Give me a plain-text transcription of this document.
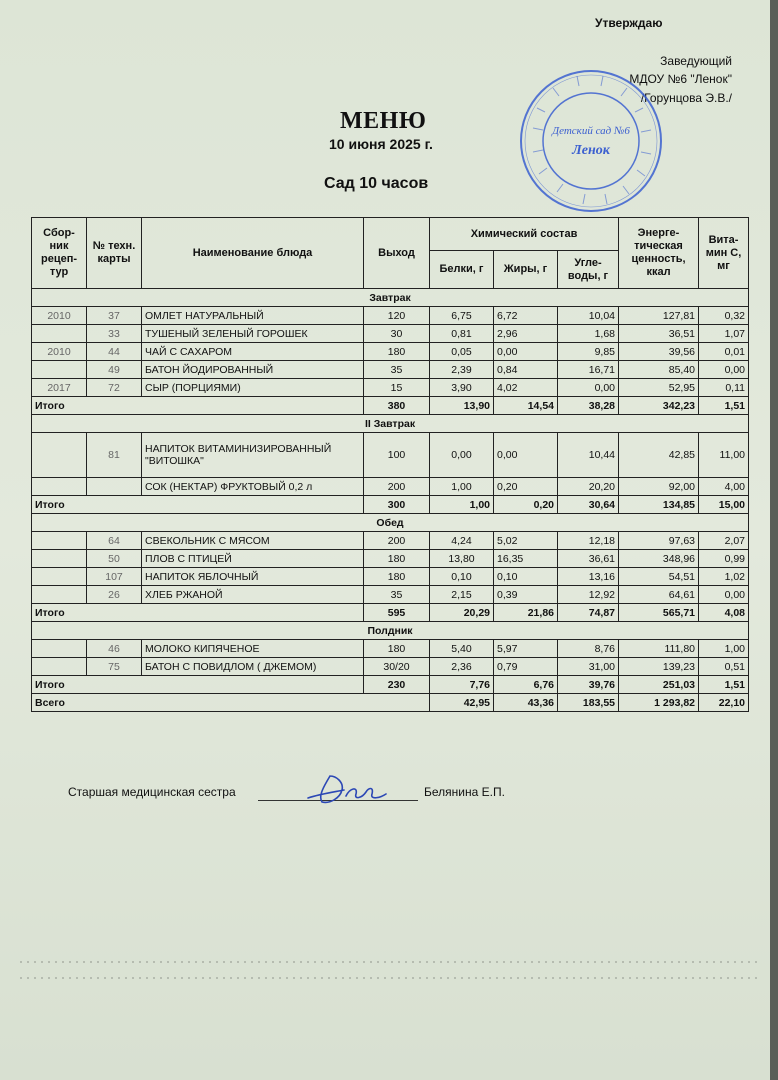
Утверждаю
Заведующий
МДОУ №6 "Ленок"
/Горунцова Э.В./
Детский сад №6
Ленок
МЕНЮ
10 июня 2025 г.
Сад 10 часов
Сбор-ник рецеп-тур	№ техн. карты	Наименование блюда	Выход	Химический состав			Энерге-тическая ценность, ккал	Вита-мин С, мг
				Белки, г	Жиры, г	Угле-воды, г		
Завтрак								
2010	37	ОМЛЕТ НАТУРАЛЬНЫЙ	120	6,75	6,72	10,04	127,81	0,32
	33	ТУШЕНЫЙ ЗЕЛЕНЫЙ ГОРОШЕК	30	0,81	2,96	1,68	36,51	1,07
2010	44	ЧАЙ С САХАРОМ	180	0,05	0,00	9,85	39,56	0,01
	49	БАТОН ЙОДИРОВАННЫЙ	35	2,39	0,84	16,71	85,40	0,00
2017	72	СЫР (ПОРЦИЯМИ)	15	3,90	4,02	0,00	52,95	0,11
Итого			380	13,90	14,54	38,28	342,23	1,51
II Завтрак								
	81	НАПИТОК ВИТАМИНИЗИРОВАННЫЙ "ВИТОШКА"	100	0,00	0,00	10,44	42,85	11,00
		СОК (НЕКТАР) ФРУКТОВЫЙ 0,2 л	200	1,00	0,20	20,20	92,00	4,00
Итого			300	1,00	0,20	30,64	134,85	15,00
Обед								
	64	СВЕКОЛЬНИК С МЯСОМ	200	4,24	5,02	12,18	97,63	2,07
	50	ПЛОВ С ПТИЦЕЙ	180	13,80	16,35	36,61	348,96	0,99
	107	НАПИТОК ЯБЛОЧНЫЙ	180	0,10	0,10	13,16	54,51	1,02
	26	ХЛЕБ РЖАНОЙ	35	2,15	0,39	12,92	64,61	0,00
Итого			595	20,29	21,86	74,87	565,71	4,08
Полдник								
	46	МОЛОКО КИПЯЧЕНОЕ	180	5,40	5,97	8,76	111,80	1,00
	75	БАТОН С ПОВИДЛОМ ( ДЖЕМОМ)	30/20	2,36	0,79	31,00	139,23	0,51
Итого			230	7,76	6,76	39,76	251,03	1,51
Всего				42,95	43,36	183,55	1 293,82	22,10
Старшая медицинская сестра	Белянина Е.П.
